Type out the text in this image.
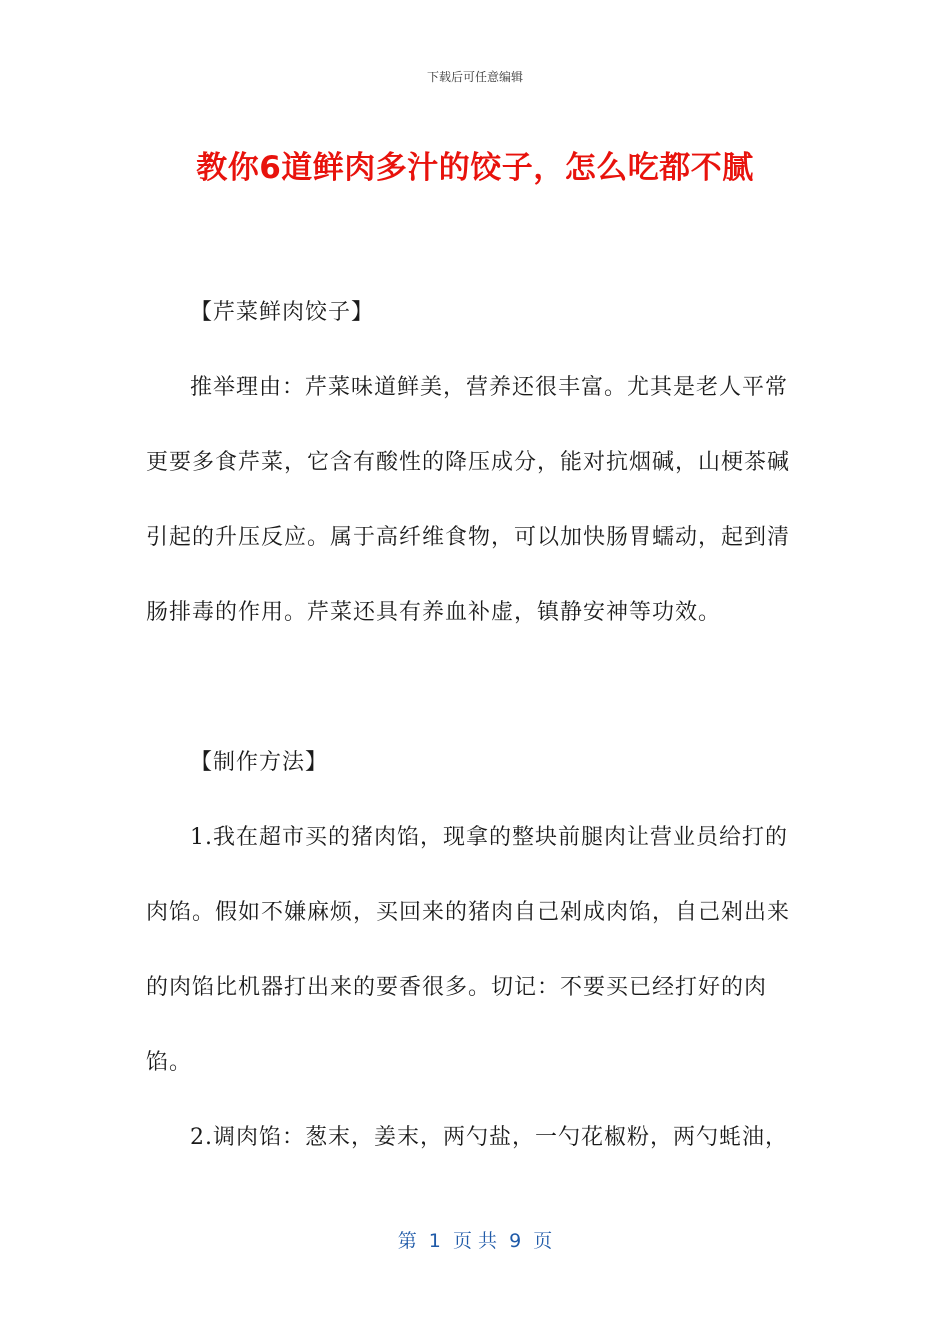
下载后可任意编辑
教你6道鲜肉多汁的饺子，怎么吃都不腻

【芹菜鲜肉饺子】

推举理由：芹菜味道鲜美，营养还很丰富。尤其是老人平常更要多食芹菜，它含有酸性的降压成分，能对抗烟碱，山梗茶碱引起的升压反应。属于高纤维食物，可以加快肠胃蠕动，起到清肠排毒的作用。芹菜还具有养血补虚，镇静安神等功效。

【制作方法】

1.我在超市买的猪肉馅，现拿的整块前腿肉让营业员给打的肉馅。假如不嫌麻烦，买回来的猪肉自己剁成肉馅，自己剁出来的肉馅比机器打出来的要香很多。切记：不要买已经打好的肉馅。

2.调肉馅：葱末，姜末，两勺盐，一勺花椒粉，两勺蚝油，

第  1  页 共  9  页
